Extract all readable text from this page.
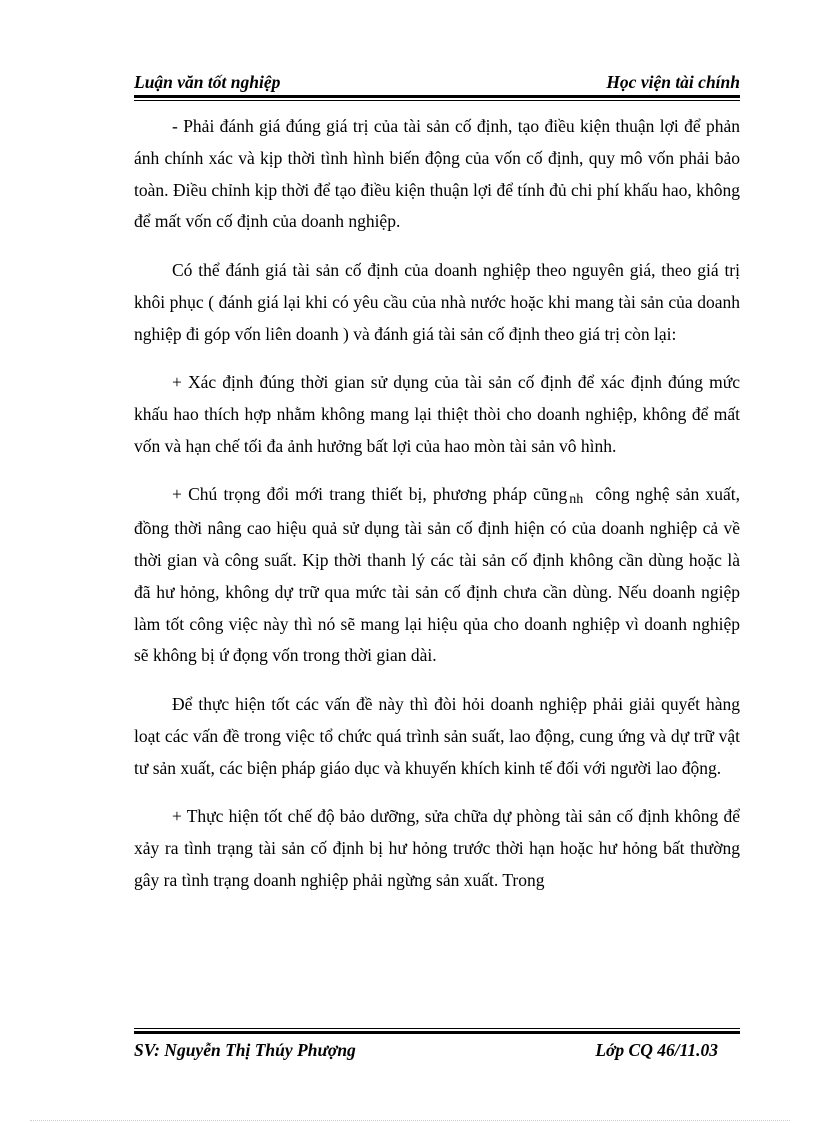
Luận văn tốt nghiệp	Học viện tài chính

- Phải đánh giá đúng giá trị của tài sản cố định, tạo điều kiện thuận lợi để phản ánh chính xác và kịp thời tình hình biến động của vốn cố định, quy mô vốn phải bảo toàn. Điều chỉnh kịp thời để tạo điều kiện thuận lợi để tính đủ chi phí khấu hao, không để mất vốn cố định của doanh nghiệp.

Có thể đánh giá tài sản cố định của doanh nghiệp theo nguyên giá, theo giá trị khôi phục ( đánh giá lại khi có yêu cầu của nhà nước hoặc khi mang tài sản của doanh nghiệp đi góp vốn liên doanh ) và đánh giá tài sản cố định theo giá trị còn lại:

+ Xác định đúng thời gian sử dụng của tài sản cố định để xác định đúng mức khấu hao thích hợp nhằm không mang lại thiệt thòi cho doanh nghiệp, không để mất vốn và hạn chế tối đa ảnh hưởng bất lợi của hao mòn tài sản vô hình.

+ Chú trọng đổi mới trang thiết bị, phương pháp cũng nh công nghệ sản xuất, đồng thời nâng cao hiệu quả sử dụng tài sản cố định hiện có của doanh nghiệp cả về thời gian và công suất. Kịp thời thanh lý các tài sản cố định không cần dùng hoặc là đã hư hỏng, không dự trữ qua mức tài sản cố định chưa cần dùng. Nếu doanh ngiệp làm tốt công việc này thì nó sẽ mang lại hiệu qủa cho doanh nghiệp vì doanh nghiệp sẽ không bị ứ đọng vốn trong thời gian dài.

Để thực hiện tốt các vấn đề này thì đòi hỏi doanh nghiệp phải giải quyết hàng loạt các vấn đề trong việc tổ chức quá trình sản suất, lao động, cung ứng và dự trữ vật tư sản xuất, các biện pháp giáo dục và khuyến khích kinh tế đối với người lao động.

+ Thực hiện tốt chế độ bảo dưỡng, sửa chữa dự phòng tài sản cố định không để xảy ra tình trạng tài sản cố định bị hư hỏng trước thời hạn hoặc hư hỏng bất thường gây ra tình trạng doanh nghiệp phải ngừng sản xuất. Trong

SV: Nguyễn Thị Thúy Phượng	Lớp CQ 46/11.03
